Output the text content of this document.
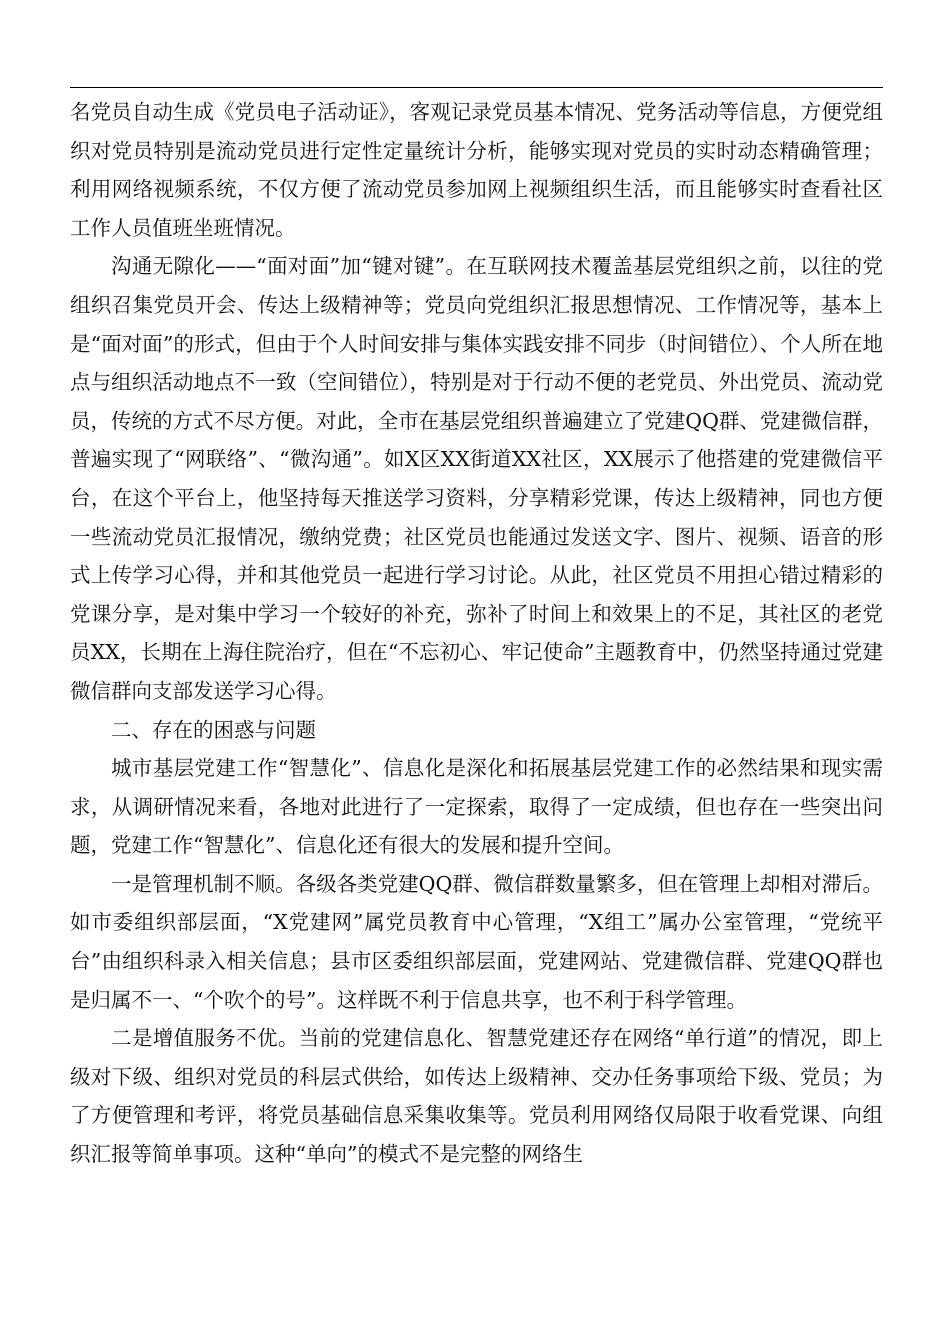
名党员自动生成《党员电子活动证》，客观记录党员基本情况、党务活动等信息，方便党组织对党员特别是流动党员进行定性定量统计分析，能够实现对党员的实时动态精确管理；利用网络视频系统，不仅方便了流动党员参加网上视频组织生活，而且能够实时查看社区工作人员值班坐班情况。

沟通无隙化——“面对面”加“键对键”。在互联网技术覆盖基层党组织之前，以往的党组织召集党员开会、传达上级精神等；党员向党组织汇报思想情况、工作情况等，基本上是“面对面”的形式，但由于个人时间安排与集体实践安排不同步（时间错位）、个人所在地点与组织活动地点不一致（空间错位），特别是对于行动不便的老党员、外出党员、流动党员，传统的方式不尽方便。对此，全市在基层党组织普遍建立了党建QQ群、党建微信群，普遍实现了“网联络”、“微沟通”。如X区XX街道XX社区，XX展示了他搭建的党建微信平台，在这个平台上，他坚持每天推送学习资料，分享精彩党课，传达上级精神，同也方便一些流动党员汇报情况，缴纳党费；社区党员也能通过发送文字、图片、视频、语音的形式上传学习心得，并和其他党员一起进行学习讨论。从此，社区党员不用担心错过精彩的党课分享，是对集中学习一个较好的补充，弥补了时间上和效果上的不足，其社区的老党员XX，长期在上海住院治疗，但在“不忘初心、牢记使命”主题教育中，仍然坚持通过党建微信群向支部发送学习心得。

二、存在的困惑与问题

城市基层党建工作“智慧化”、信息化是深化和拓展基层党建工作的必然结果和现实需求，从调研情况来看，各地对此进行了一定探索，取得了一定成绩，但也存在一些突出问题，党建工作“智慧化”、信息化还有很大的发展和提升空间。

一是管理机制不顺。各级各类党建QQ群、微信群数量繁多，但在管理上却相对滞后。如市委组织部层面，“X党建网”属党员教育中心管理，“X组工”属办公室管理，“党统平台”由组织科录入相关信息；县市区委组织部层面，党建网站、党建微信群、党建QQ群也是归属不一、“个吹个的号”。这样既不利于信息共享，也不利于科学管理。

二是增值服务不优。当前的党建信息化、智慧党建还存在网络“单行道”的情况，即上级对下级、组织对党员的科层式供给，如传达上级精神、交办任务事项给下级、党员；为了方便管理和考评，将党员基础信息采集收集等。党员利用网络仅局限于收看党课、向组织汇报等简单事项。这种“单向”的模式不是完整的网络生
